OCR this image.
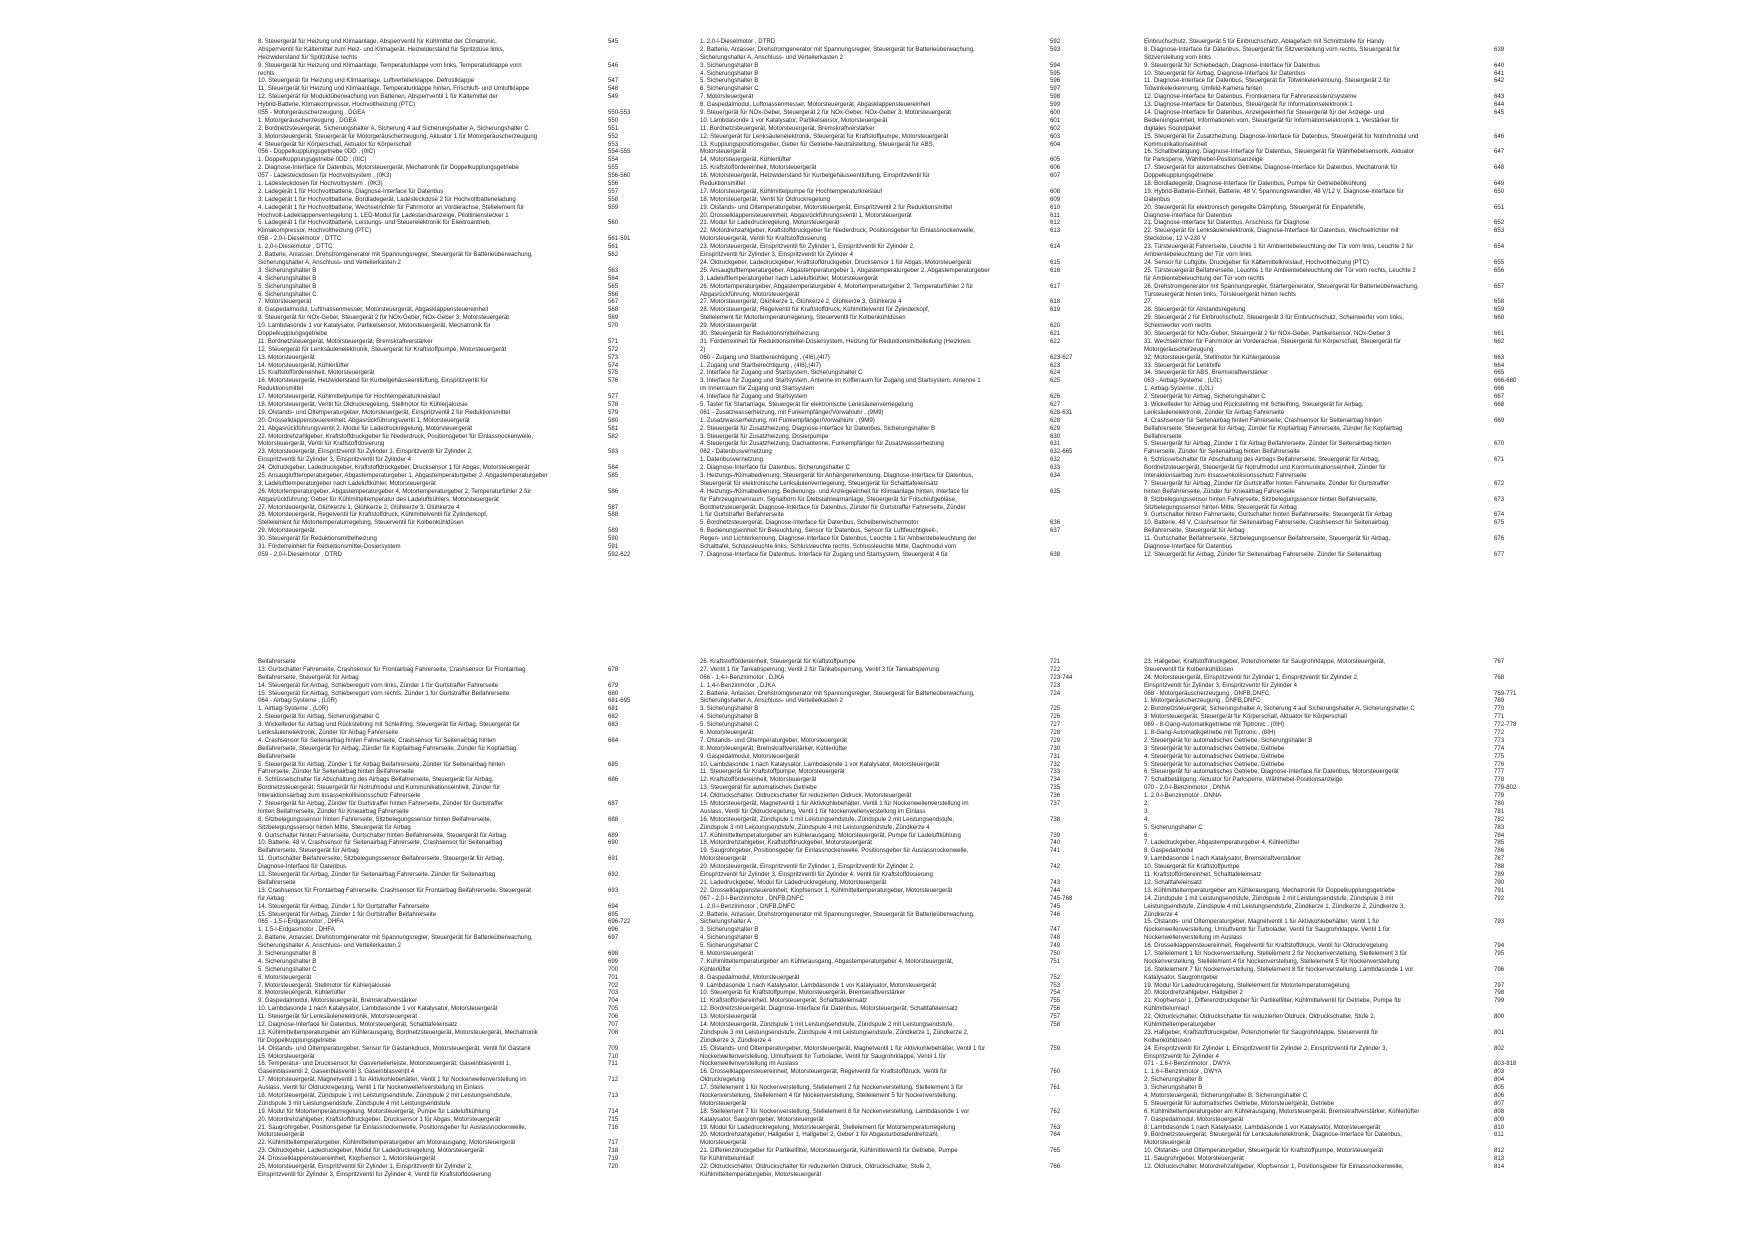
8. Steuergerät für Heizung und Klimaanlage, Absperrventil für Kühlmittel der Climatronic,	545
Absperrventil für Kältemittel zum Heiz- und Klimagerät, Heizwiderstand für Spritzdüse links,
Heizwiderstand für Spritzdüse rechts
9. Steuergerät für Heizung und Klimaanlage, Temperaturklappe vorn links, Temperaturklappe vorn	546
rechts
10. Steuergerät für Heizung und Klimaanlage, Luftverteilerklappe, Defrostklappe	547
11. Steuergerät für Heizung und Klimaanlage, Temperaturklappe hinten, Frischluft- und Umluftklappe	548
12. Steuergerät für Moduldüberwachung von Batterien, Absperrventil 1 für Kältemittel der	549
Hybrid-Batterie, Klimakompressor, Hochvoltheizung (PTC)
055 - Motorgeräuscherzeugung , DGEA	550-553
1. Motorgeräuscherzeugung , DGEA	550
2. Bordnetzsteuergerät, Sicherungshalter A, Sicherung 4 auf Sicherungshalter A, Sicherungshalter C	551
3. Motorsteuergerät, Steuergerät für Motorgeräuscherzeugung, Aktuator 1 für Motorgeräuscherzeugung	552
4. Steuergerät für Körperschall, Aktuator für Körperschall	553
056 - Doppelkupplungsgetriebe 0DD , (0IC)	554-555
1. Doppelkupplungsgetriebe 0DD , (0IC)	554
2. Diagnose-Interface für Datenbus, Motorsteuergerät, Mechatronik für Doppelkupplungsgetriebe	555
057 - Ladesteckdosen für Hochvoltsystem , (0K3)	556-560
1. Ladesteckdosen für Hochvoltsystem , (0K3)	556
2. Ladegerät 1 für Hochvoltbatterie, Diagnose-Interface für Datenbus	557
3. Ladegerät 1 für Hochvoltbatterie, Bordladegerät, Ladesteckdose 2 für Hochvoltbatterieladung	558
4. Ladegerät 1 für Hochvoltbatterie, Wechselrichter für Fahrmotor an Vorderachse, Stellelement für	559
Hochvolt-Ladeklappenverriegelung 1, LED-Modul für Ladestandsanzeige, Pilotlinienstecker 1
5. Ladegerät 1 für Hochvoltbatterie, Leistungs- und Steuerelektronik für Elektroantrieb,	560
Klimakompressor, Hochvoltheizung (PTC)
058 - 2,0-l-Dieselmotor , DTTC	561-591
1. 2,0-l-Dieselmotor , DTTC	561
2. Batterie, Anlasser, Drehstromgenerator mit Spannungsregler, Steuergerät für Batterieüberwachung,	562
Sicherungshalter A, Anschluss- und Verteilerkasten 2
3. Sicherungshalter B	563
4. Sicherungshalter B	564
5. Sicherungshalter B	565
6. Sicherungshalter C	566
7. Motorsteuergerät	567
8. Gaspedalmodul, Luftmassenmesser, Motorsteuergerät, Abgasklappensteuereinheit	568
9. Steuergerät für NOx-Geber, Steuergerät 2 für NOx-Geber, NOx-Geber 3, Motorsteuergerät	569
10. Lambdasonde 1 vor Katalysator, Partikelsensor, Motorsteuergerät, Mechatronik für	570
Doppelkupplungsgetriebe
11. Bordnetzsteuergerät, Motorsteuergerät, Bremskraftverstärker	571
12. Steuergerät für Lenksäulenelektronik, Steuergerät für Kraftstoffpumpe, Motorsteuergerät	572
13. Motorsteuergerät	573
14. Motorsteuergerät, Kühlerlüfter	574
15. Kraftstoffördereinheit, Motorsteuergerät	575
16. Motorsteuergerät, Heizwiderstand für Kurbelgehäuseentlüftung, Einspritzventil für	576
Reduktionsmittel
17. Motorsteuergerät, Kühlmittelpumpe für Hochtemperaturkreislauf	577
18. Motorsteuergerät, Ventil für Öldruckregelung, Stellmotor für Kühlerjalousie	578
19. Ölstands- und Öltemperaturgeber, Motorsteuergerät, Einspritzventil 2 für Reduktionsmittel	579
20. Drosselklappensteuereinheit, Abgasrückführungsventil 1, Motorsteuergerät	580
21. Abgasrückführungsventil 2, Modul für Ladedruckregelung, Motorsteuergerät	581
22. Motordrehzahlgeber, Kraftstoffdruckgeber für Niederdruck, Positionsgeber für Einlassnockenwelle,	582
Motorsteuergerät, Ventil für Kraftstoffdosierung
23. Motorsteuergerät, Einspritzventil für Zylinder 1, Einspritzventil für Zylinder 2,	583
Einspritzventil für Zylinder 3, Einspritzventil für Zylinder 4
24. Öldruckgeber, Ladedruckgeber, Kraftstoffdruckgeber, Drucksensor 1 für Abgas, Motorsteuergerät	584
25. Ansauglufttemperaturgeber, Abgastemperaturgeber 1, Abgastemperaturgeber 2, Abgastemperaturgeber	585
3, Ladelufttemperaturgeber nach Ladeluftkühler, Motorsteuergerät
26. Motortemperaturgeber, Abgastemperaturgeber 4, Motortemperaturgeber 2, Temperaturfühler 2 für	586
Abgasrückführung, Geber für Kühlmitteltemperatur des Ladeluftkühlers, Motorsteuergerät
27. Motorsteuergerät, Glühkerze 1, Glühkerze 2, Glühkerze 3, Glühkerze 4	587
28. Motorsteuergerät, Regelventil für Kraftstoffdruck, Kühlmittelventil für Zylinderkopf,	588
Stellelement für Motortemperaturregelung, Steuerventil für Kolbenkühldüsen
29. Motorsteuergerät	589
30. Steuergerät für Reduktionsmittelheizung	590
31. Förderreinheit für Reduktionsmittel-Dosiersystem	591
059 - 2,0-l-Dieselmotor , DTRD	592-622
1. 2,0-l-Dieselmotor , DTRD	592
2. Batterie, Anlasser, Drehstromgenerator mit Spannungsregler, Steuergerät für Batterieüberwachung,	593
Sicherungshalter A, Anschluss- und Verteilerkasten 2
3. Sicherungshalter B	594
4. Sicherungshalter B	595
5. Sicherungshalter B	596
6. Sicherungshalter C	597
7. Motorsteuergerät	598
8. Gaspedalmodul, Luftmassenmesser, Motorsteuergerät, Abgasklappensteuereinheit	599
9. Steuergerät für NOx-Geber, Steuergerät 2 für NOx-Geber, NOx-Geber 3, Motorsteuergerät	600
10. Lambdasonde 1 vor Katalysator, Partikelsensor, Motorsteuergerät	601
11. Bordnetzsteuergerät, Motorsteuergerät, Bremskraftverstärker	602
12. Steuergerät für Lenksäulenelektronik, Steuergerät für Kraftstoffpumpe, Motorsteuergerät	603
13. Kupplungspositionsgeber, Geber für Getriebe-Neutralstellung, Steuergerät für ABS,	604
Motorsteuergerät
14. Motorsteuergerät, Kühlerlüfter	605
15. Kraftstoffördereinheit, Motorsteuergerät	606
16. Motorsteuergerät, Heizwiderstand für Kurbelgehäuseentlüftung, Einspritzventil für	607
Reduktionsmittel
17. Motorsteuergerät, Kühlmittelpumpe für Hochtemperaturkreislauf	608
18. Motorsteuergerät, Ventil für Öldruckregelung	609
19. Ölstands- und Öltemperaturgeber, Motorsteuergerät, Einspritzventil 2 für Reduktionsmittel	610
20. Drosselklappensteuereinheit, Abgasrückführungsventil 1, Motorsteuergerät	611
21. Modul für Ladedruckregelung, Motorsteuergerät	612
22. Motordrehzahlgeber, Kraftstoffdruckgeber für Niederdruck, Positionsgeber für Einlassnockenwelle,	613
Motorsteuergerät, Ventil für Kraftstoffdosierung
23. Motorsteuergerät, Einspritzventil für Zylinder 1, Einspritzventil für Zylinder 2,	614
Einspritzventil für Zylinder 3, Einspritzventil für Zylinder 4
24. Öldruckgeber, Ladedruckgeber, Kraftstoffdruckgeber, Drucksensor 1 für Abgas, Motorsteuergerät	615
25. Ansauglufttemperaturgeber, Abgastemperaturgeber 1, Abgastemperaturgeber 2, Abgastemperaturgeber	616
3, Ladelufttemperaturgeber nach Ladeluftkühler, Motorsteuergerät
26. Motortemperaturgeber, Abgastemperaturgeber 4, Motortemperaturgeber 2, Temperaturfühler 2 für	617
Abgasrückführung, Motorsteuergerät
27. Motorsteuergerät, Glühkerze 1, Glühkerze 2, Glühkerze 3, Glühkerze 4	618
28. Motorsteuergerät, Regelventil für Kraftstoffdruck, Kühlmittelventil für Zylinderkopf,	619
Stellelement für Motortemperaturregelung, Steuerventil für Kolbenkühldüsen
29. Motorsteuergerät	620
30. Steuergerät für Reduktionsmittelheizung	621
31. Förderreinheit für Reduktionsmittel-Dosiersystem, Heizung für Reduktionsmittelleitung (Heizkreis	622
2)
060 - Zugang und Startberechtigung , (4I6),(4I7)	623-627
1. Zugang und Startberechtigung , (4I6),(4I7)	623
2. Interface für Zugang und Startsystem, Sicherungshalter C	624
3. Interface für Zugang und Startsystem, Antenne im Kofferraum für Zugang und Startsystem, Antenne 1	625
im Innenraum für Zugang und Startsystem
4. Interface für Zugang und Startsystem	626
5. Taster für Startanlage, Steuergerät für elektronische Lenksäulenverriegelung	627
061 - Zusatzwasserheizung, mit Funkempfänger/Vorwahluhr , (9M9)	628-631
1. Zusatzwasserheizung, mit Funkempfänger/Vorwahluhr , (9M9)	628
2. Steuergerät für Zusatzheizung, Diagnose-Interface für Datenbus, Sicherungshalter B	629
3. Steuergerät für Zusatzheizung, Dosierpumpe	630
4. Steuergerät für Zusatzheizung, Dachantenne, Funkempfänger für Zusatzwasserheizung	631
062 - Datenbusvernetzung	632-665
1. Datenbusvernetzung	632
2. Diagnose-Interface für Datenbus, Sicherungshalter C	633
3. Heizungs-/Klimabedienung, Steuergerät für Anhängererkennung, Diagnose-Interface für Datenbus,	634
Steuergerät für elektronische Lenksäulenverriegelung, Steuergerät für Schalttafeleinsatz
4. Heizungs-/Klimabedienung, Bedienungs- und Anzeigeeinheit für Klimaanlage hinten, Interface für	635
für Fahrzeuginnenraum, Signalhorn für Diebstahlwarnanlage, Steuergerät für Fritschlufgebläse,
Bordnetzsteuergerät, Diagnose-Interface für Datenbus, Zünder für Gurtstraffer Fahrerseite, Zünder
1 für Gurtstraffer Beifahrerseite
5. Bordnetzsteuergerät, Diagnose-Interface für Datenbus, Scheibenwischermotor	636
6. Bedienungseinheit für Beleuchtung, Sensor für Datenbus, Sensor für Luftfeuchtigkeit-,	637
Regen- und Lichterkennung, Diagnose-Interface für Datenbus, Leuchte 1 für Ambientebeleuchtung der
Schalttafel, Schlussleuchte links, Schlussleuchte rechts, Schlussleuchte Mitte, Dachmodul vorn
7. Diagnose-Interface für Datenbus, Interface für Zugang und Startsystem, Steuergerät 4 für	638
Einbruchschutz, Steuergerät 5 für Einbruchschutz, Ablagefach mit Schnittstelle für Handy
8. Diagnose-Interface für Datenbus, Steuergerät für Sitzverstellung vorn rechts, Steuergerät für	639
Sitzverstellung vorn links
9. Steuergerät für Schiebedach, Diagnose-Interface für Datenbus	640
10. Steuergerät für Airbag, Diagnose-Interface für Datenbus	641
11. Diagnose-Interface für Datenbus, Steuergerät für Totwinkelerkennung, Steuergerät 2 für	642
Totwinkelerkennung, Umfeld-Kamera hinten
12. Diagnose-Interface für Datenbus, Frontkamera für Fahrerassistenzsysteme	643
13. Diagnose-Interface für Datenbus, Steuergerät für Informationselektronik 1	644
14. Diagnose-Interface für Datenbus, Anzeigeeinheit für Steuergerät für der Anzeige- und	645
Bedienungseinheit, Informationen vorn, Steuergerät für Informationselektronik 1, Verstärker für
digitales Soundpaket
15. Steuergerät für Zusatzheizung, Diagnose-Interface für Datenbus, Steuergerät für Notrufmodul und	646
Kommunikationseinheit
16. Schaltbetätigung, Diagnose-Interface für Datenbus, Steuergerät für Wählhebelsensorik, Aktuator	647
für Parksperre, Wählhebel-Positionsanzeige
17. Steuergerät für automatisches Getriebe, Diagnose-Interface für Datenbus, Mechatronik für	648
Doppelkupplungsgetriebe
18. Bordladegerät, Diagnose-Interface für Datenbus, Pumpe für Getriebeölkühlung	649
19. Hybrid-Batterie-Einheit, Batterie, 48 V, Spannungswandler, 48 V/12 V, Diagnose-Interface für	650
Datenbus
20. Steuergerät für elektronisch geregelte Dämpfung, Steuergerät für Einparkhilfe,	651
Diagnose-Interface für Datenbus
21. Diagnose-Interface für Datenbus, Anschluss für Diagnose	652
22. Steuergerät für Lenksäulenelektronik, Diagnose-Interface für Datenbus, Wechselrichter mit	653
Steckdose, 12 V-230 V
23. Türsteuergerät Fahrerseite, Leuchte 1 für Ambientebeleuchtung der Tür vorn links, Leuchte 2 für	654
Ambientebeleuchtung der Tür vorn links
24. Sensor für Luftgüte, Druckgeber für Kältemittelkreislauf, Hochvoltheizung (PTC)	655
25. Türsteuergerät Beifahrerseite, Leuchte 1 für Ambientebeleuchtung der Tür vorn rechts, Leuchte 2	656
für Ambientebeleuchtung der Tür vorn rechts
26. Drehstromgenerator mit Spannungsregler, Startergenerator, Steuergerät für Batterieüberwachung,	657
Türsteuergerät hinten links, Türsteuergerät hinten rechts
27.	658
28. Steuergerät für Abstandsregelung	659
29. Steuergerät 2 für Einbruchschutz, Steuergerät 3 für Einbruchschutz, Scheinwerfer vorn links,	660
Scheinwerfer vorn rechts
30. Steuergerät für NOx-Geber, Steuergerät 2 für NOx-Geber, Partikelsensor, NOx-Geber 3	661
31. Wechselrichter für Fahrmotor an Vorderachse, Steuergerät für Körperschall, Steuergerät für	662
Motorgeräuscherzeugung
32. Motorsteuergerät, Stellmotor für Kühlerjalousie	663
33. Steuergerät für Lenkhilfe	664
34. Steuergerät für ABS, Bremskraftverstärker	665
063 - Airbag-Systeme , (L0L)	666-680
1. Airbag-Systeme , (L0L)	666
2. Steuergerät für Airbag, Sicherungshalter C	667
3. Wickelfeder für Airbag und Rückstellring mit Schleifring, Steuergerät für Airbag,	668
Lenksäulenelektronik, Zünder für Airbag Fahrerseite
4. Crashsensor für Seitenairbag hinten Fahrerseite, Crashsensor für Seitenairbag hinten	669
Beifahrerseite, Steuergerät für Airbag, Zünder für Kopfairbag Fahrerseite, Zünder für Kopfairbag
Beifahrerseite
5. Steuergerät für Airbag, Zünder 1 für Airbag Beifahrerseite, Zünder für Seitenairbag hinten	670
Fahrerseite, Zünder für Seitenairbag hinten Beifahrerseite
6. Schlüsselschalter für Abschaltung des Airbags Beifahrerseite, Steuergerät für Airbag,	671
Bordnetzsteuergerät, Steuergerät für Notrufmodul und Kommunikationseinheit, Zünder für
Interaktionsairbag zum Insassenkollisionsschutz Fahrerseite
7. Steuergerät für Airbag, Zünder für Gurtstraffer hinten Fahrerseite, Zünder für Gurtstraffer	672
hinten Beifahrerseite, Zünder für Knieairbag Fahrerseite
8. Sitzbelegungssensor hinten Fahrerseite, Sitzbelegungssensor hinten Beifahrerseite,	673
Sitzbelegungssensor hinten Mitte, Steuergerät für Airbag
9. Gurtschalter hinten Fahrerseite, Gurtschalter hinten Beifahrerseite, Steuergerät für Airbag	674
10. Batterie, 48 V, Crashsensor für Seitenairbag Fahrerseite, Crashsensor für Seitenairbag	675
Beifahrerseite, Steuergerät für Airbag
11. Gurtschalter Beifahrerseite, Sitzbelegungssensor Beifahrerseite, Steuergerät für Airbag,	676
Diagnose-Interface für Datenbus
12. Steuergerät für Airbag, Zünder für Seitenairbag Fahrerseite, Zünder für Seitenairbag	677
Beifahrerseite
13. Gurtschalter Fahrerseite, Crashsensor für Frontairbag Fahrerseite, Crashsensor für Frontairbag	678
Beifahrerseite, Steuergerät für Airbag
14. Steuergerät für Airbag, Schieberegurt vorn links, Zünder 1 für Gurtstraffer Fahrerseite	679
15. Steuergerät für Airbag, Schieberegurt vorn rechts, Zünder 1 für Gurtstraffer Beifahrerseite	680
064 - Airbag-Systeme , (L0R)	681-695
1. Airbag-Systeme , (L0R)	681
2. Steuergerät für Airbag, Sicherungshalter C	682
3. Wickelfeder für Airbag und Rückstellring mit Schleifring, Steuergerät für Airbag, Steuergerät für	683
Lenksäulenelektronik, Zünder für Airbag Fahrerseite
4. Crashsensor für Seitenairbag hinten Fahrerseite, Crashsensor für Seitenairbag hinten	684
Beifahrerseite, Steuergerät für Airbag, Zünder für Kopfairbag Fahrerseite, Zünder für Kopfairbag
Beifahrerseite
5. Steuergerät für Airbag, Zünder 1 für Airbag Beifahrerseite, Zünder für Seitenairbag hinten	685
Fahrerseite, Zünder für Seitenairbag hinten Beifahrerseite
6. Schlüsselschalter für Abschaltung des Airbags Beifahrerseite, Steuergerät für Airbag,	686
Bordnetzsteuergerät, Steuergerät für Notrufmodul und Kommunikationseinheit, Zünder für
Interaktionsairbag zum Insassenkollisionsschutz Fahrerseite
7. Steuergerät für Airbag, Zünder für Gurtstraffer hinten Fahrerseite, Zünder für Gurtstraffer	687
hinten Beifahrerseite, Zünder für Knieairbag Fahrerseite
8. Sitzbelegungssensor hinten Fahrerseite, Sitzbelegungssensor hinten Beifahrerseite,	688
Sitzbelegungssensor hinten Mitte, Steuergerät für Airbag
9. Gurtschalter hinten Fahrerseite, Gurtschalter hinten Beifahrerseite, Steuergerät für Airbag	689
10. Batterie, 48 V, Crashsensor für Seitenairbag Fahrerseite, Crashsensor für Seitenairbag	690
Beifahrerseite, Steuergerät für Airbag
11. Gurtschalter Beifahrerseite, Sitzbelegungssensor Beifahrerseite, Steuergerät für Airbag,	691
Diagnose-Interface für Datenbus
12. Steuergerät für Airbag, Zünder für Seitenairbag Fahrerseite, Zünder für Seitenairbag	692
Beifahrerseite
13. Crashsensor für Frontairbag Fahrerseite, Crashsensor für Frontairbag Beifahrerseite, Steuergerät	693
für Airbag
14. Steuergerät für Airbag, Zünder 1 für Gurtstraffer Fahrerseite	694
15. Steuergerät für Airbag, Zünder 1 für Gurtstraffer Beifahrerseite	695
065 - 1,5-l-Erdgasmotor , DHFA	696-722
1. 1,5-l-Erdgasmotor , DHFA	696
2. Batterie, Anlasser, Drehstromgenerator mit Spannungsregler, Steuergerät für Batterieüberwachung,	697
Sicherungshalter A, Anschluss- und Verteilerkasten 2
3. Sicherungshalter B	698
4. Sicherungshalter B	699
5. Sicherungshalter C	700
6. Motorsteuergerät	701
7. Motorsteuergerät, Stellmotor für Kühlerjalousie	702
8. Motorsteuergerät, Kühlerlüfter	703
9. Gaspedalmodul, Motorsteuergerät, Bremskraftverstärker	704
10. Lambdasonde 1 nach Katalysator, Lambdasonde 1 vor Katalysator, Motorsteuergerät	705
11. Steuergerät für Lenksäulenelektronik, Motorsteuergerät	706
12. Diagnose-Interface für Datenbus, Motorsteuergerät, Schalttafeleinsatz	707
13. Kühlmitteltemperaturgeber am Kühlerausgang, Bordnetzsteuergerät, Motorsteuergerät, Mechatronik	708
für Doppelkupplungsgetriebe
14. Ölstands- und Öltemperaturgeber, Sensor für Gastankdruck, Motorsteuergerät, Ventil für Gastank	709
15. Motorsteuergerät	710
16. Temperatur- und Drucksensor für Gasverteilerleiste, Motorsteuergerät, Gaseinblasventil 1,	711
Gaseinblasventil 2, Gaseinblasventil 3, Gaseinblasventil 4
17. Motorsteuergerät, Magnetventil 1 für Aktivkohlebehälter, Ventil 1 für Nockenwellenverstellung im	712
Auslass, Ventil für Öldruckregelung, Ventil 1 für Nockenwellenverstellung im Einlass
18. Motorsteuergerät, Zündspule 1 mit Leistungsendstufe, Zündspule 2 mit Leistungsendstufe,	713
Zündspule 3 mit Leistungsendstufe, Zündspule 4 mit Leistungsendstufe
19. Modul für Motortemperaturregelung, Motorsteuergerät, Pumpe für Ladeluftkühlung	714
20. Motordrehzahlgeber, Kraftstoffdruckgeber, Drucksensor 1 für Abgas, Motorsteuergerät	715
21. Saugrohrgeber, Positionsgeber für Einlassnockenwelle, Positionsgeber für Auslassnockenwelle,	716
Motorsteuergerät
22. Kühlmitteltemperaturgeber, Kühlmitteltemperaturgeber am Motorausgang, Motorsteuergerät	717
23. Öldruckgeber, Ladedruckgeber, Modul für Ladedruckregelung, Motorsteuergerät	718
24. Drosselklappensteuereinheit, Klopfsensor 1, Motorsteuergerät	719
25. Motorsteuergerät, Einspritzventil für Zylinder 1, Einspritzventil für Zylinder 2,	720
Einspritzventil für Zylinder 3, Einspritzventil für Zylinder 4, Ventil für Kraftstoffdosierung
26. Kraftstoffördereinheit, Steuergerät für Kraftstoffpumpe	721
27. Ventil 1 für Tankabsperrung, Ventil 2 für Tankabsperrung, Ventil 3 für Tankabsperrung	722
066 - 1,4-l-Benzinmotor , DJKA	723-744
1. 1,4-l-Benzinmotor , DJKA	723
2. Batterie, Anlasser, Drehstromgenerator mit Spannungsregler, Steuergerät für Batterieüberwachung,	724
Sicherungshalter A, Anschluss- und Verteilerkasten 2
3. Sicherungshalter B	725
4. Sicherungshalter B	726
5. Sicherungshalter C	727
6. Motorsteuergerät	728
7. Ölstands- und Öltemperaturgeber, Motorsteuergerät	729
8. Motorsteuergerät, Bremskraftverstärker, Kühlerlüfter	730
9. Gaspedalmodul, Motorsteuergerät	731
10. Lambdasonde 1 nach Katalysator, Lambdasonde 1 vor Katalysator, Motorsteuergerät	732
11. Steuergerät für Kraftstoffpumpe, Motorsteuergerät	733
12. Kraftstoffördereinheit, Motorsteuergerät	734
13. Steuergerät für automatisches Getriebe	735
14. Öldruckschalter, Öldruckschalter für reduzierten Öldruck, Motorsteuergerät	736
15. Motorsteuergerät, Magnetventil 1 für Aktivkohlebehälter, Ventil 1 für Nockenwellenverstellung im	737
Auslass, Ventil für Öldruckregelung, Ventil 1 für Nockenwellenverstellung im Einlass
16. Motorsteuergerät, Zündspule 1 mit Leistungsendstufe, Zündspule 2 mit Leistungsendstufe,	738
Zündspule 3 mit Leistungsendstufe, Zündspule 4 mit Leistungsendstufe, Zündkerze 4
17. Kühlmitteltemperaturgeber am Kühlerausgang, Motorsteuergerät, Pumpe für Ladeluftkühlung	739
18. Motordrehzahlgeber, Kraftstoffdruckgeber, Motorsteuergerät	740
19. Saugrohrgeber, Positionsgeber für Einlassnockenwelle, Positionsgeber für Auslassnockenwelle,	741
Motorsteuergerät
20. Motorsteuergerät, Einspritzventil für Zylinder 1, Einspritzventil für Zylinder 2,	742
Einspritzventil für Zylinder 3, Einspritzventil für Zylinder 4, Ventil für Kraftstoffdosierung
21. Ladedruckgeber, Modul für Ladedruckregelung, Motorsteuergerät	743
22. Drosselklappensteuereinheit, Klopfsensor 1, Kühlmitteltemperaturgeber, Motorsteuergerät	744
067 - 2,0-l-Benzinmotor , DNFB,DNFC	745-768
1. 2,0-l-Benzinmotor , DNFB,DNFC	745
2. Batterie, Anlasser, Drehstromgenerator mit Spannungsregler, Steuergerät für Batterieüberwachung,	746
Sicherungshalter A
3. Sicherungshalter B	747
4. Sicherungshalter B	748
5. Sicherungshalter C	749
6. Motorsteuergerät	750
7. Kühlmitteltemperaturgeber am Kühlerausgang, Abgastemperaturgeber 4, Motorsteuergerät,	751
Kühlerlüfter
8. Gaspedalmodul, Motorsteuergerät	752
9. Lambdasonde 1 nach Katalysator, Lambdasonde 1 vor Katalysator, Motorsteuergerät	753
10. Steuergerät für Kraftstoffpumpe, Motorsteuergerät, Bremskraftverstärker	754
11. Kraftstoffördereinheit, Motorsteuergerät, Schalttafeleinsatz	755
12. Bordnetzsteuergerät, Diagnose-Interface für Datenbus, Motorsteuergerät, Schalttafeleinsatz	756
13. Motorsteuergerät	757
14. Motorsteuergerät, Zündspule 1 mit Leistungsendstufe, Zündspule 2 mit Leistungsendstufe,	758
Zündspule 3 mit Leistungsendstufe, Zündspule 4 mit Leistungsendstufe, Zündkerze 1, Zündkerze 2,
Zündkerze 3, Zündkerze 4
15. Ölstands- und Öltemperaturgeber, Motorsteuergerät, Magnetventil 1 für Aktivkohlebehälter, Ventil 1 für	759
Nockenwellenverstellung, Umluftventil für Turbolader, Ventil für Saugrohrklappe, Ventil 1 für
Nockenwellenverstellung im Auslass
16. Drosselklappensteuereinheit, Motorsteuergerät, Regelventil für Kraftstoffdruck, Ventil für	760
Öldruckregelung
17. Stellelement 1 für Nockenverstellung, Stellelement 2 für Nockenverstellung, Stellelement 3 für	761
Nockenverstellung, Stellelement 4 für Nockenverstellung, Stellelement 5 für Nockenverstellung,
Motorsteuergerät
18. Stellelement 7 für Nockenverstellung, Stellelement 8 für Nockenverstellung, Lambdasonde 1 vor	762
Katalysator, Saugrohrgeber, Motorsteuergerät
19. Modul für Ladedruckregelung, Motorsteuergerät, Stellelement für Motortemperaturregelung	763
20. Motordrehzahlgeber, Hallgeber 1, Hallgeber 2, Geber 1 für Abgasturboladerdrehzahl,	764
Motorsteuergerät
21. Differenzdruckgeber für Partikelfilter, Motorsteuergerät, Kühlmittelventil für Getriebe, Pumpe	765
für Kühlmittelumlauf
22. Öldruckschalter, Öldruckschalter für reduzierten Öldruck, Öldruckschalter, Stufe 2,	766
Kühlmitteltemperaturgeber, Motorsteuergerät
23. Hallgeber, Kraftstoffdruckgeber, Potenziometer für Saugrohrklappe, Motorsteuergerät,	767
Steuerventil für Kolbenkühldüsen
24. Motorsteuergerät, Einspritzventil für Zylinder 1, Einspritzventil für Zylinder 2,	768
Einspritzventil für Zylinder 3, Einspritzventil für Zylinder 4
068 - Motorgeräuscherzeugung , DNFB,DNFC	769-771
1. Motorgeräuscherzeugung , DNFB,DNFC	769
2. Bordnetzsteuergerät, Sicherungshalter A, Sicherung 4 auf Sicherungshalter A, Sicherungshalter C	770
3. Motorsteuergerät, Steuergerät für Körperschall, Aktuator für Körperschall	771
069 - 8-Gang-Automatikgetriebe mit Tiptronic , (0IH)	772-778
1. 8-Gang-Automatikgetriebe mit Tiptronic , (0IH)	772
2. Steuergerät für automatisches Getriebe, Sicherungshalter B	773
3. Steuergerät für automatisches Getriebe, Getriebe	774
4. Steuergerät für automatisches Getriebe, Getriebe	775
5. Steuergerät für automatisches Getriebe, Getriebe	776
6. Steuergerät für automatisches Getriebe, Diagnose-Interface für Datenbus, Motorsteuergerät	777
7. Schaltbetätigung, Aktuator für Parksperre, Wählhebel-Positionsanzeige	778
070 - 2,0-l-Benzinmotor , DNNA	779-802
1. 2,0-l-Benzinmotor , DNNA	779
2.	780
3.	781
4.	782
5. Sicherungshalter C	783
6.	784
7. Ladedruckgeber, Abgastemperaturgeber 4, Kühlerlüfter	785
8. Gaspedalmodul	786
9. Lambdasonde 1 nach Katalysator, Bremskraftverstärker	787
10. Steuergerät für Kraftstoffpumpe	788
11. Kraftstoffördereinheit, Schalttafeleinsatz	789
12. Schalttafeleinsatz	790
13. Kühlmitteltemperaturgeber am Kühlerausgang, Mechatronik für Doppelkupplungsgetriebe	791
14. Zündspule 1 mit Leistungsendstufe, Zündspule 2 mit Leistungsendstufe, Zündspule 3 mit	792
Leistungsendstufe, Zündspule 4 mit Leistungsendstufe, Zündkerze 1, Zündkerze 2, Zündkerze 3,
Zündkerze 4
15. Ölstands- und Öltemperaturgeber, Magnetventil 1 für Aktivkohlebehälter, Ventil 1 für	793
Nockenwellenverstellung, Umluftventil für Turbolader, Ventil für Saugrohrklappe, Ventil 1 für
Nockenwellenverstellung im Auslass
16. Drosselklappensteuereinheit, Regelventil für Kraftstoffdruck, Ventil für Öldruckregelung	794
17. Stellelement 1 für Nockenverstellung, Stellelement 2 für Nockenverstellung, Stellelement 3 für	795
Nockenverstellung, Stellelement 4 für Nockenverstellung, Stellelement 5 für Nockenverstellung
18. Stellelement 7 für Nockenverstellung, Stellelement 8 für Nockenverstellung, Lambdasonde 1 vor	796
Katalysator, Saugrohrgeber
19. Modul für Ladedruckregelung, Stellelement für Motortemperaturregelung	797
20. Motordrehzahlgeber, Hallgeber 2	798
21. Klopfsensor 1, Differenzdruckgeber für Partikelfilter, Kühlmittelventil für Getriebe, Pumpe für	799
Kühlmittelumlauf
22. Öldruckschalter, Öldruckschalter für reduzierten Öldruck, Öldruckschalter, Stufe 2,	800
Kühlmitteltemperaturgeber
23. Hallgeber, Kraftstoffdruckgeber, Potenziometer für Saugrohrklappe, Steuerventil für	801
Kolbenkühldüsen
24. Einspritzventil für Zylinder 1, Einspritzventil für Zylinder 2, Einspritzventil für Zylinder 3,	802
Einspritzventil für Zylinder 4
071 - 1,6-l-Benzinmotor , DWYA	803-818
1. 1,6-l-Benzinmotor , DWYA	803
2. Sicherungshalter B	804
3. Sicherungshalter B	805
4. Motorsteuergerät, Sicherungshalter B, Sicherungshalter C	806
5. Steuergerät für automatisches Getriebe, Motorsteuergerät, Getriebe	807
6. Kühlmitteltemperaturgeber am Kühlerausgang, Motorsteuergerät, Bremskraftverstärker, Kühlerlüfter	808
7. Gaspedalmodul, Motorsteuergerät	809
8. Lambdasonde 1 nach Katalysator, Lambdasonde 1 vor Katalysator, Motorsteuergerät	810
9. Bordnetzsteuergerät, Steuergerät für Lenksäulenelektronik, Diagnose-Interface für Datenbus,	811
Motorsteuergerät
10. Ölstands- und Öltemperaturgeber, Steuergerät für Kraftstoffpumpe, Motorsteuergerät	812
11. Saugrohrgeber, Motorsteuergerät	813
12. Öldruckschalter, Motordrehzahlgeber, Klopfsensor 1, Positionsgeber für Einlassnockenwelle,	814
